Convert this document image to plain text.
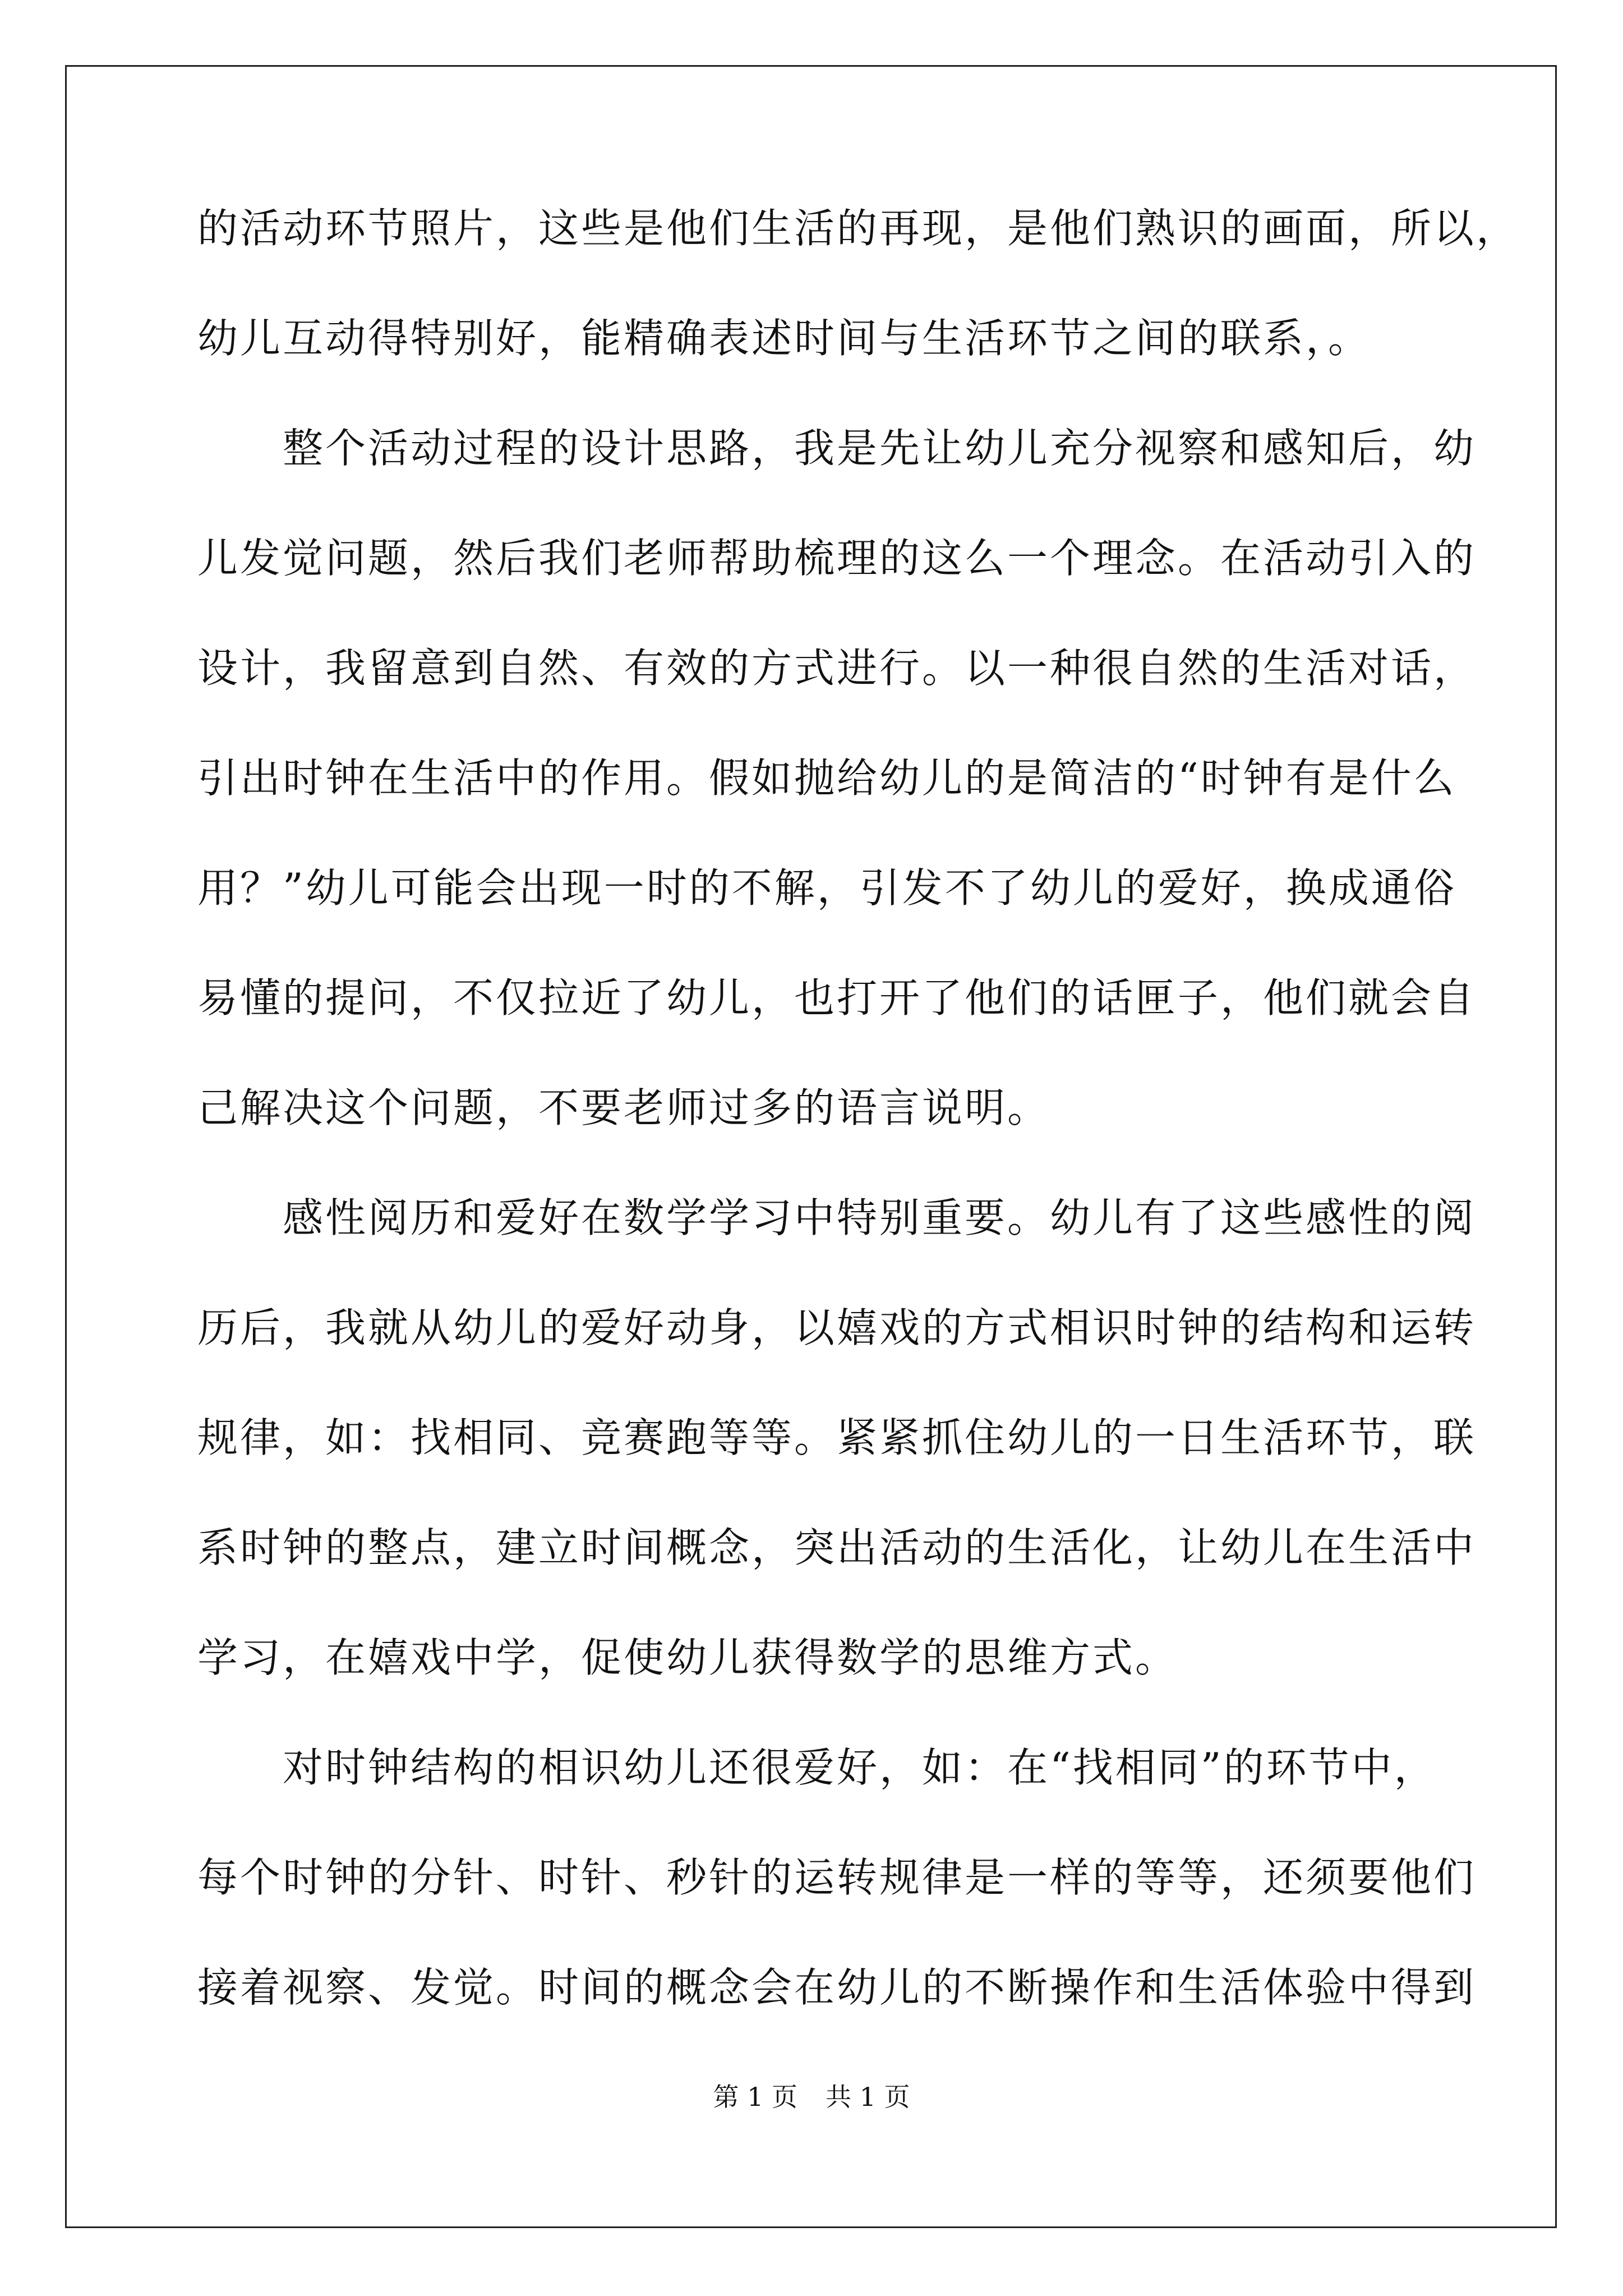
的活动环节照片，这些是他们生活的再现，是他们熟识的画面，所以，
幼儿互动得特别好，能精确表述时间与生活环节之间的联系，。
　　整个活动过程的设计思路，我是先让幼儿充分视察和感知后，幼
儿发觉问题，然后我们老师帮助梳理的这么一个理念。在活动引入的
设计，我留意到自然、有效的方式进行。以一种很自然的生活对话，
引出时钟在生活中的作用。假如抛给幼儿的是简洁的“时钟有是什么
用？”幼儿可能会出现一时的不解，引发不了幼儿的爱好，换成通俗
易懂的提问，不仅拉近了幼儿，也打开了他们的话匣子，他们就会自
己解决这个问题，不要老师过多的语言说明。
　　感性阅历和爱好在数学学习中特别重要。幼儿有了这些感性的阅
历后，我就从幼儿的爱好动身，以嬉戏的方式相识时钟的结构和运转
规律，如：找相同、竞赛跑等等。紧紧抓住幼儿的一日生活环节，联
系时钟的整点，建立时间概念，突出活动的生活化，让幼儿在生活中
学习，在嬉戏中学，促使幼儿获得数学的思维方式。
　　对时钟结构的相识幼儿还很爱好，如：在“找相同”的环节中，
每个时钟的分针、时针、秒针的运转规律是一样的等等，还须要他们
接着视察、发觉。时间的概念会在幼儿的不断操作和生活体验中得到
第 1 页 共 1 页
